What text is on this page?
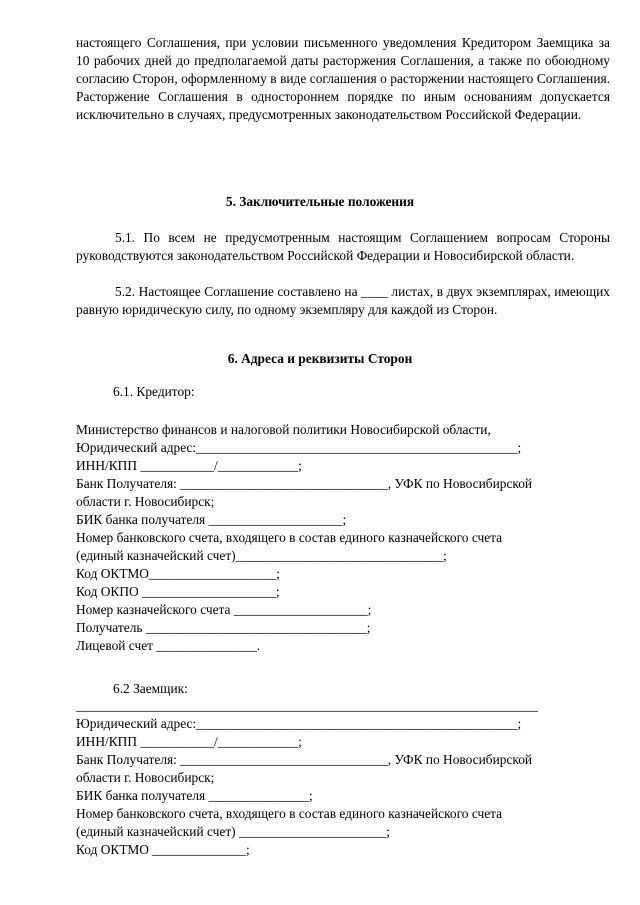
настоящего Соглашения, при условии письменного уведомления Кредитором Заемщика за 10 рабочих дней до предполагаемой даты расторжения Соглашения, а также по обоюдному согласию Сторон, оформленному в виде соглашения о расторжении настоящего Соглашения. Расторжение Соглашения в одностороннем порядке по иным основаниям допускается исключительно в случаях, предусмотренных законодательством Российской Федерации.

5. Заключительные положения

5.1. По всем не предусмотренным настоящим Соглашением вопросам Стороны руководствуются законодательством Российской Федерации и Новосибирской области.

5.2. Настоящее Соглашение составлено на ____ листах, в двух экземплярах, имеющих равную юридическую силу, по одному экземпляру для каждой из Сторон.

6. Адреса и реквизиты Сторон

6.1. Кредитор:

Министерство финансов и налоговой политики Новосибирской области,

Юридический адрес:________________________________________________;

ИНН/КПП ___________/____________;

Банк Получателя: _______________________________, УФК по Новосибирской

области г. Новосибирск;

БИК банка получателя ____________________;

Номер банковского счета, входящего в состав единого казначейского счета

(единый казначейский счет)_______________________________;

Код ОКТМО___________________;

Код ОКПО ____________________;

Номер казначейского счета ____________________;

Получатель _________________________________;

Лицевой счет _______________.

6.2 Заемщик:

_____________________________________________________________________

Юридический адрес:________________________________________________;

ИНН/КПП ___________/____________;

Банк Получателя: _______________________________, УФК по Новосибирской

области г. Новосибирск;

БИК банка получателя _______________;

Номер банковского счета, входящего в состав единого казначейского счета

(единый казначейский счет) ______________________;

Код ОКТМО ______________;
